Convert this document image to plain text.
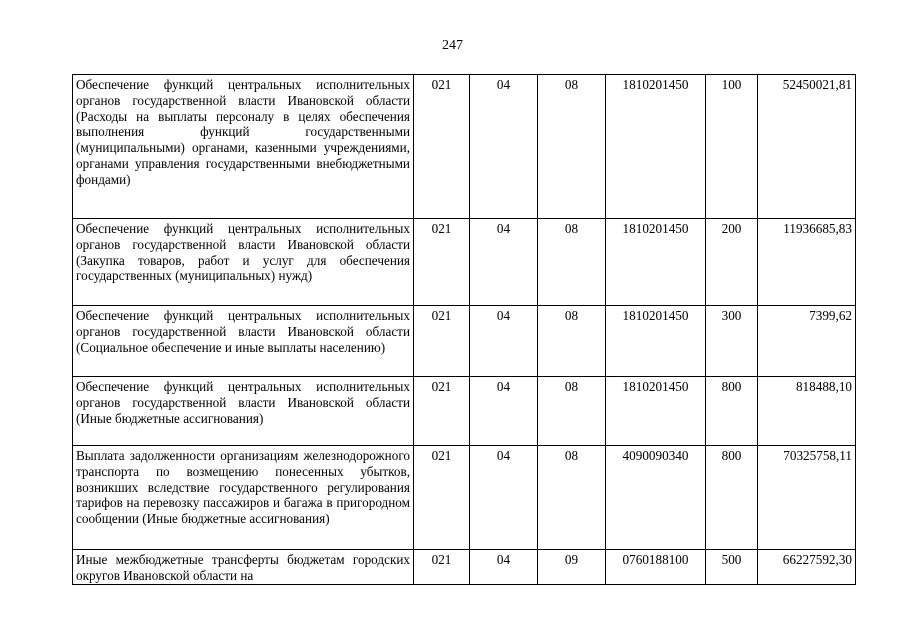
247
Обеспечение функций центральных исполнительных органов государственной власти Ивановской области (Расходы на выплаты персоналу в целях обеспечения выполнения функций государственными (муниципальными) органами, казенными учреждениями, органами управления государственными внебюджетными фондами)	021	04	08	1810201450	100	52450021,81
Обеспечение функций центральных исполнительных органов государственной власти Ивановской области (Закупка товаров, работ и услуг для обеспечения государственных (муниципальных) нужд)	021	04	08	1810201450	200	11936685,83
Обеспечение функций центральных исполнительных органов государственной власти Ивановской области (Социальное обеспечение и иные выплаты населению)	021	04	08	1810201450	300	7399,62
Обеспечение функций центральных исполнительных органов государственной власти Ивановской области (Иные бюджетные ассигнования)	021	04	08	1810201450	800	818488,10
Выплата задолженности организациям железнодорожного транспорта по возмещению понесенных убытков, возникших вследствие государственного регулирования тарифов на перевозку пассажиров и багажа в пригородном сообщении (Иные бюджетные ассигнования)	021	04	08	4090090340	800	70325758,11

Иные межбюджетные трансферты бюджетам городских округов Ивановской области на	021	04	09	0760188100	500	66227592,30
